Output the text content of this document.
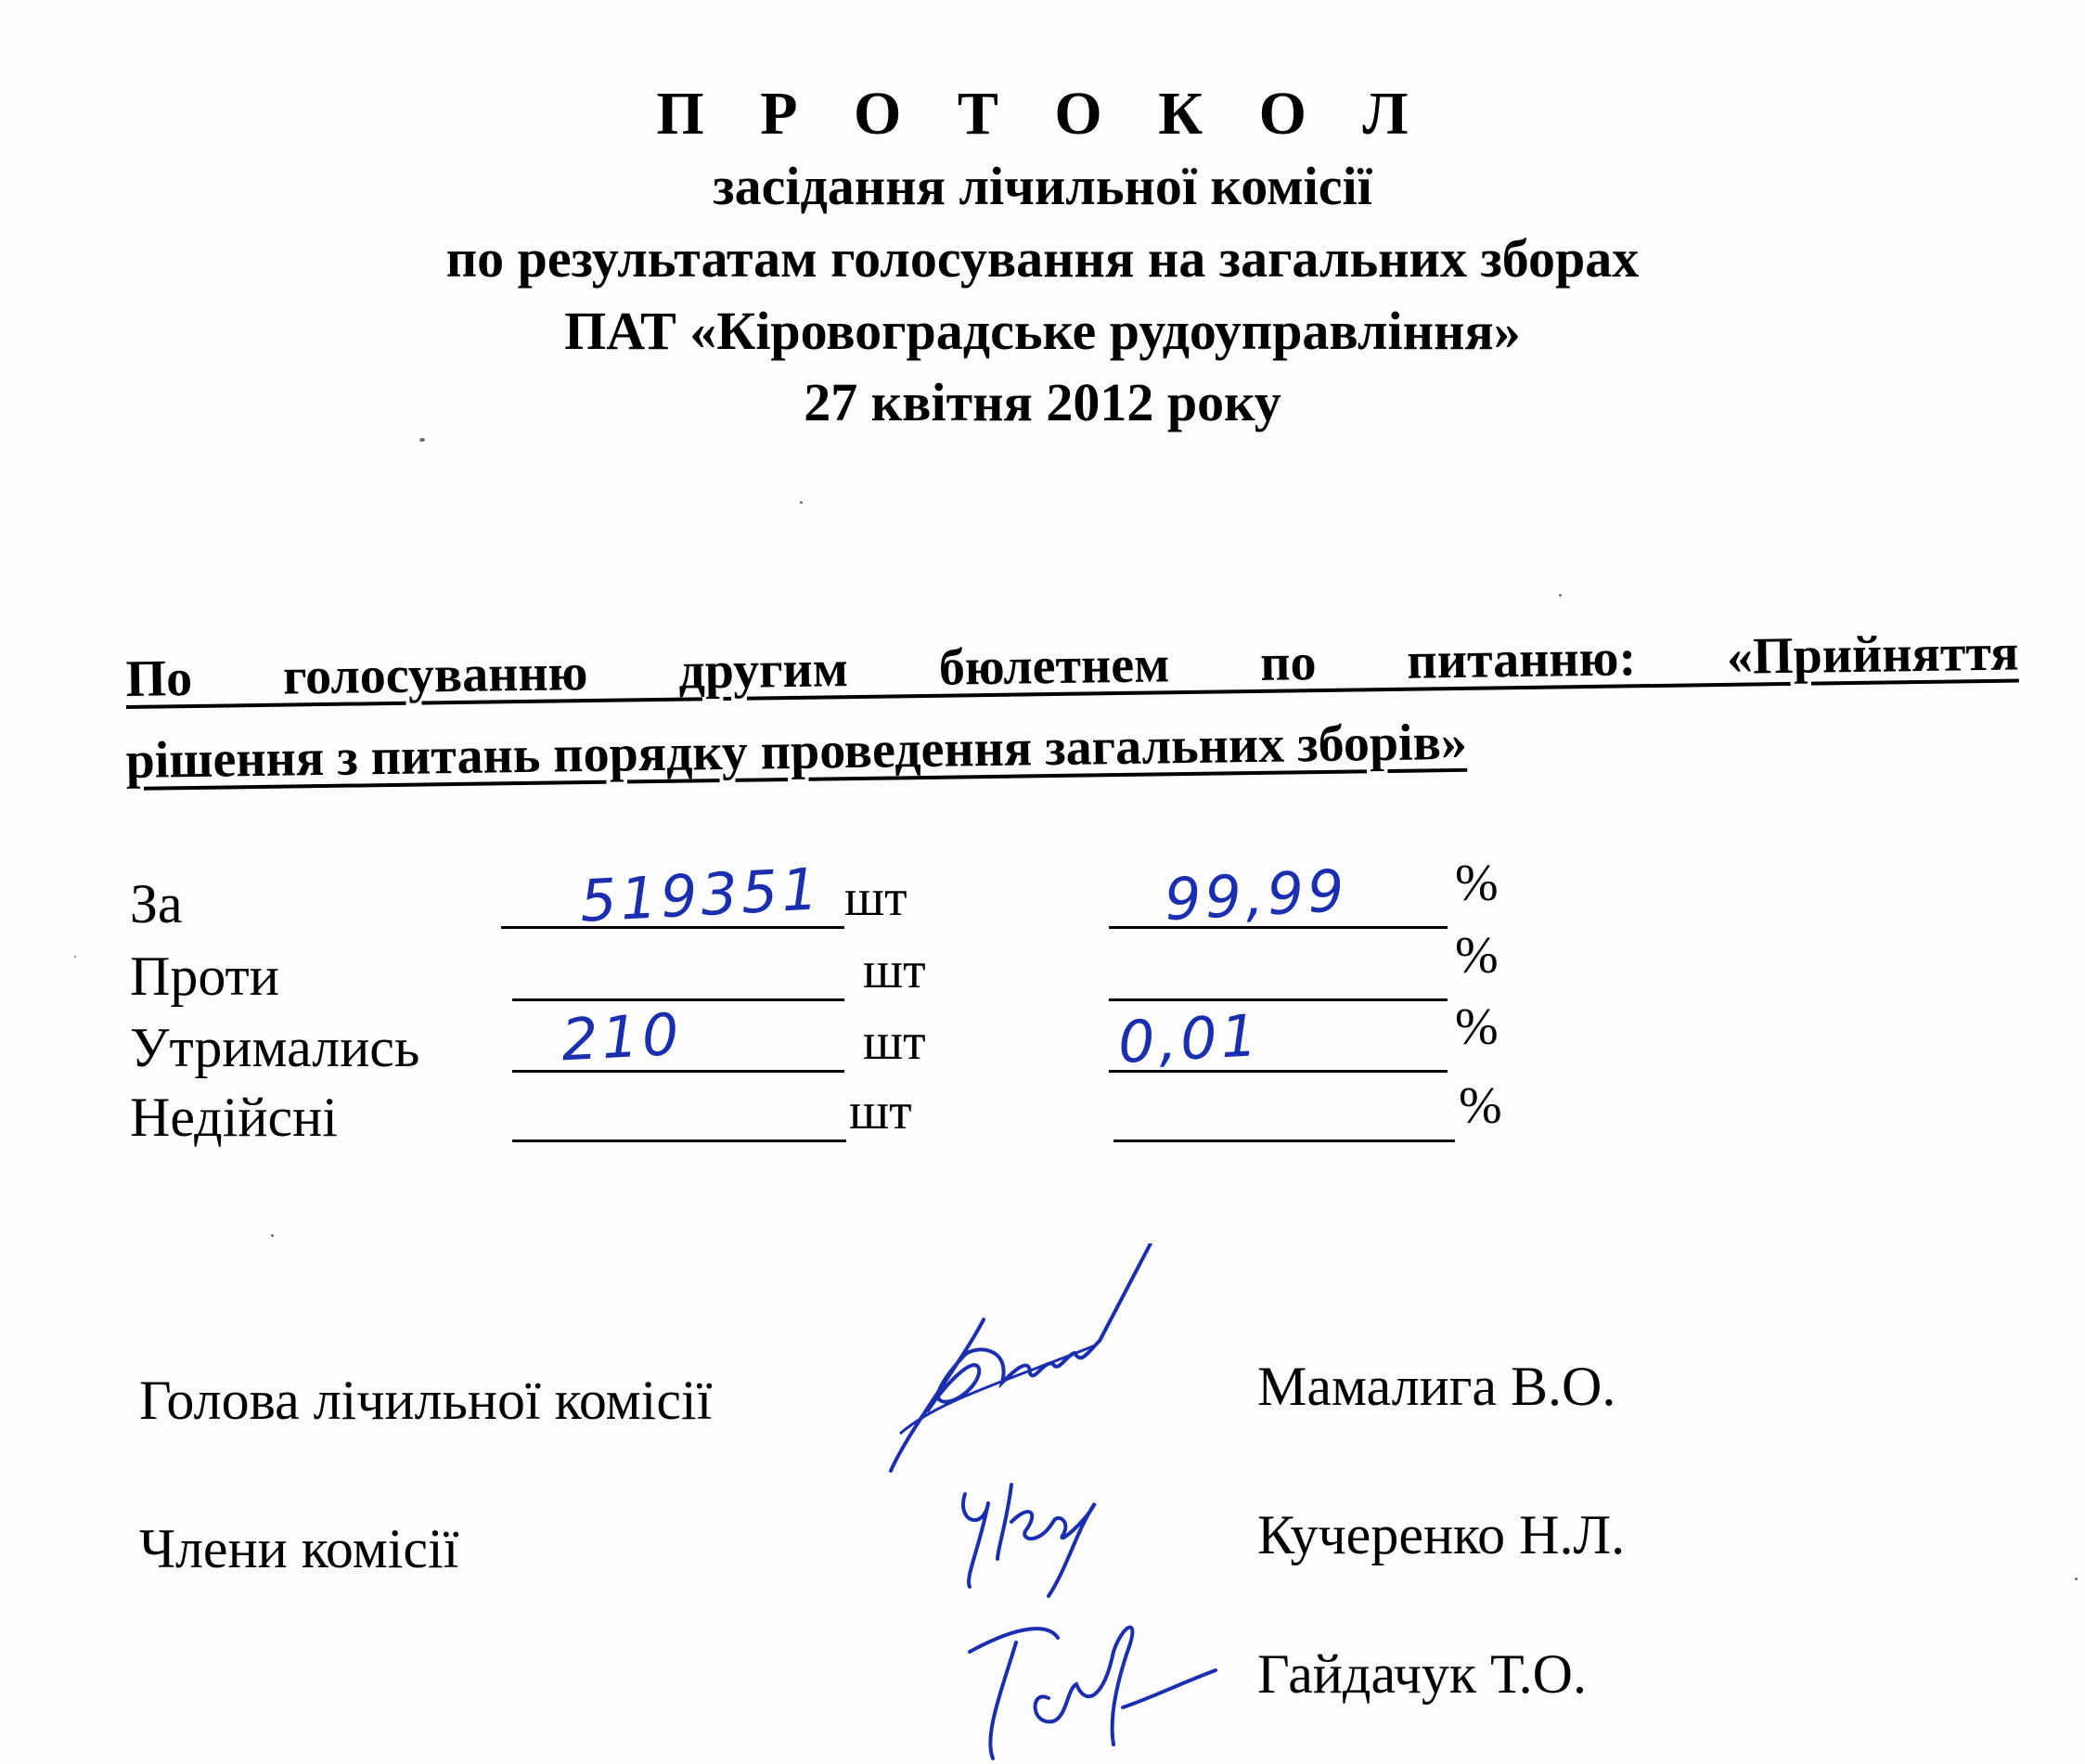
П Р О Т О К О Л
засідання лічильної комісії
по результатам голосування на загальних зборах
ПАТ «Кіровоградське рудоуправління»
27 квітня 2012 року
По голосуванню другим бюлетнем по питанню: «Прийняття
рішення з питань порядку проведення загальних зборів»
За	519351 шт	99,99 %
Проти	шт	%
Утримались 210	шт	0,01	%
Недійсні	шт	%
Голова лічильної комісії	Мамалига В.О.
Члени комісії	Кучеренко Н.Л.
Гайдачук Т.О.
